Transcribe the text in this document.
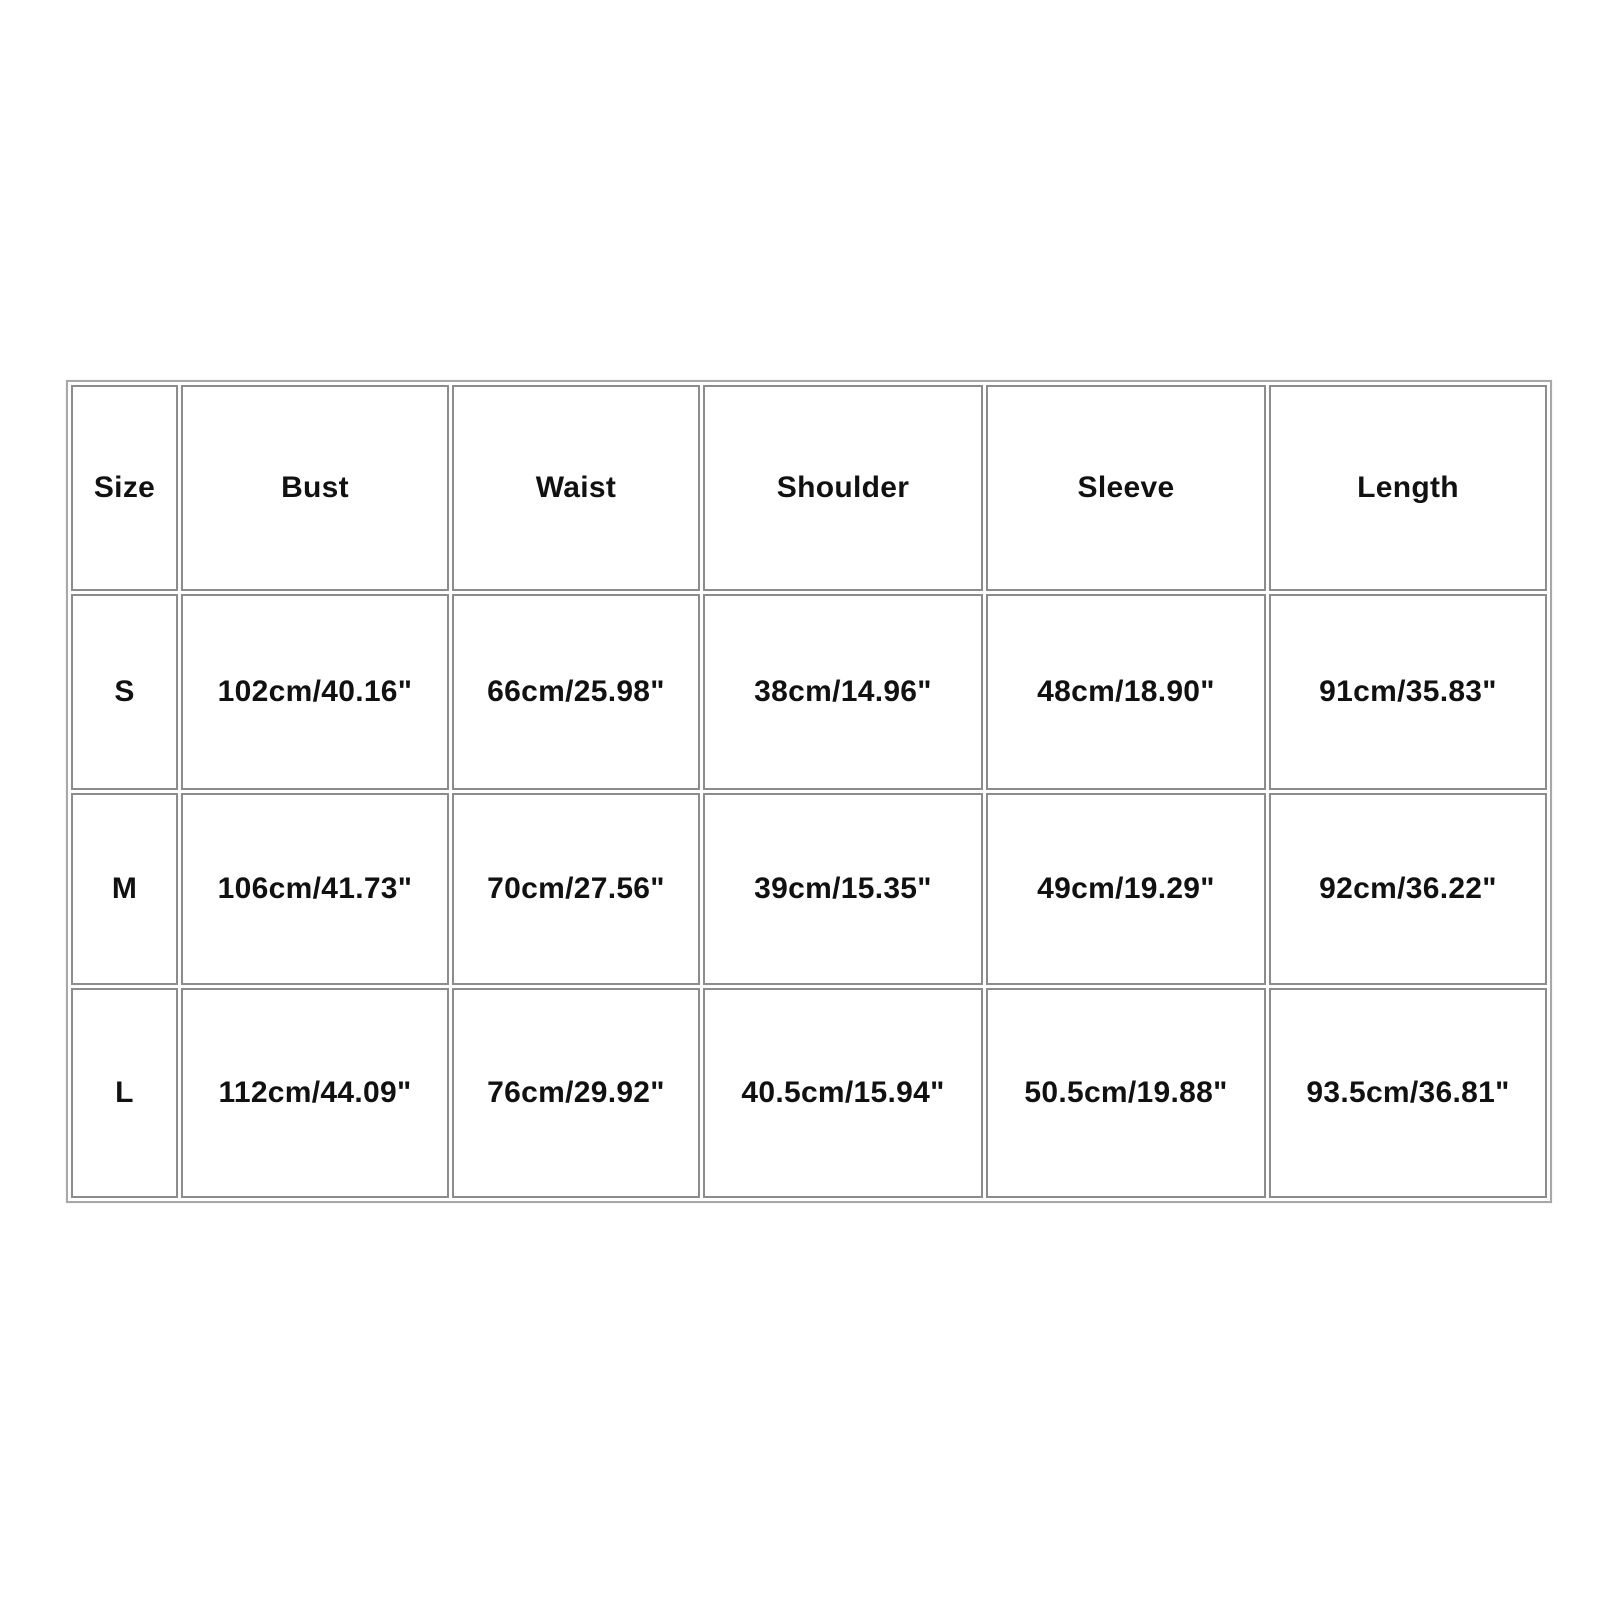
Size	Bust	Waist	Shoulder	Sleeve	Length
S	102cm/40.16"	66cm/25.98"	38cm/14.96"	48cm/18.90"	91cm/35.83"
M	106cm/41.73"	70cm/27.56"	39cm/15.35"	49cm/19.29"	92cm/36.22"
L	112cm/44.09"	76cm/29.92"	40.5cm/15.94"	50.5cm/19.88"	93.5cm/36.81"
